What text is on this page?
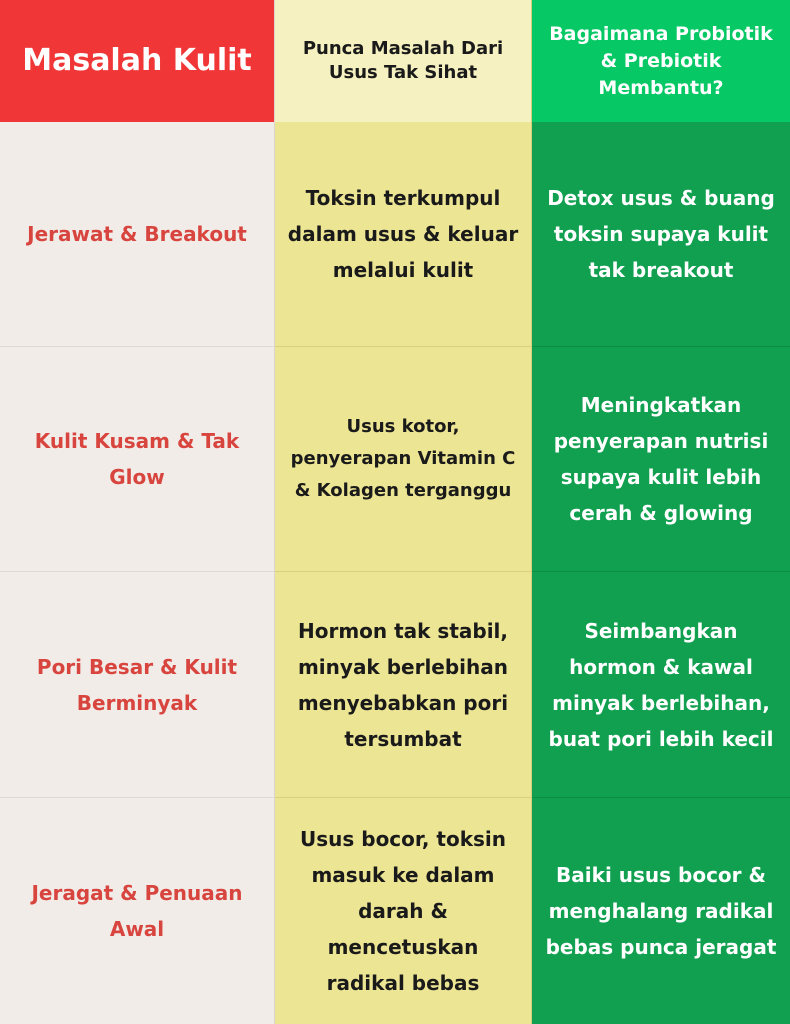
Masalah Kulit	Punca Masalah Dari Usus Tak Sihat
Bagaimana Probiotik & Prebiotik Membantu?
Jerawat & Breakout
Toksin terkumpul dalam usus & keluar melalui kulit
Detox usus & buang toksin supaya kulit tak breakout
Kulit Kusam & Tak Glow
Usus kotor, penyerapan Vitamin C & Kolagen terganggu
Meningkatkan penyerapan nutrisi supaya kulit lebih cerah & glowing
Pori Besar & Kulit Berminyak
Hormon tak stabil, minyak berlebihan menyebabkan pori tersumbat
Seimbangkan hormon & kawal minyak berlebihan, buat pori lebih kecil
Jeragat & Penuaan Awal
Usus bocor, toksin masuk ke dalam darah & mencetuskan radikal bebas
Baiki usus bocor & menghalang radikal bebas punca jeragat
